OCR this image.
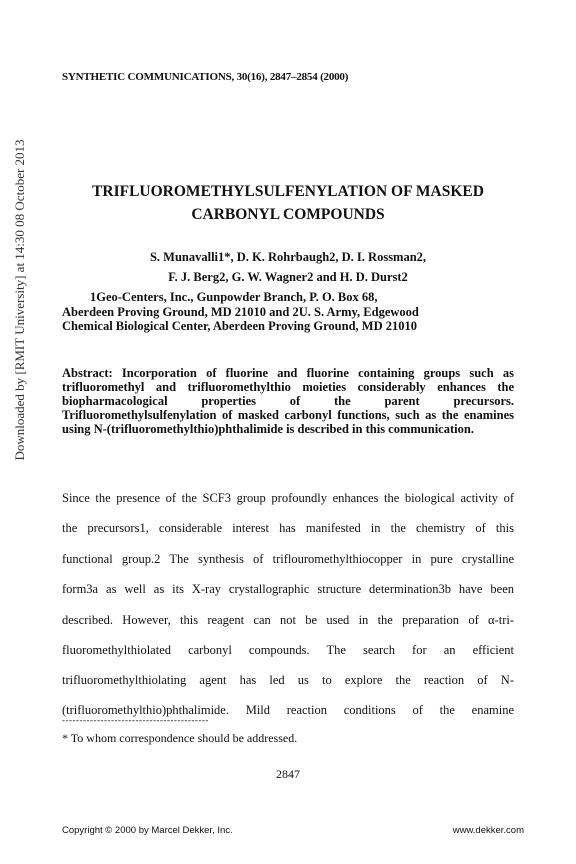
Downloaded by [RMIT University] at 14:30 08 October 2013
SYNTHETIC COMMUNICATIONS, 30(16), 2847–2854 (2000)
TRIFLUOROMETHYLSULFENYLATION OF MASKED
CARBONYL COMPOUNDS
S. Munavalli1*, D. K. Rohrbaugh2, D. I. Rossman2,
F. J. Berg2, G. W. Wagner2 and H. D. Durst2
1Geo-Centers, Inc., Gunpowder Branch, P. O. Box 68,
Aberdeen Proving Ground, MD 21010 and 2U. S. Army, Edgewood
Chemical Biological Center, Aberdeen Proving Ground, MD 21010
Abstract: Incorporation of fluorine and fluorine containing groups such as trifluoromethyl and trifluoromethylthio moieties considerably enhances the biopharmacological properties of the parent precursors. Trifluoromethylsulfenylation of masked carbonyl functions, such as the enamines using N-(trifluoromethylthio)phthalimide is described in this communication.
Since the presence of the SCF3 group profoundly enhances the biological activity of
the precursors1, considerable interest has manifested in the chemistry of this
functional group.2 The synthesis of triflouromethylthiocopper in pure crystalline
form3a as well as its X-ray crystallographic structure determination3b have been
described. However, this reagent can not be used in the preparation of α-tri-
fluoromethylthiolated carbonyl compounds. The search for an efficient
trifluoromethylthiolating agent has led us to explore the reaction of N-
(trifluoromethylthio)phthalimide. Mild reaction conditions of the enamine
------------------------------------------
* To whom correspondence should be addressed.
2847
Copyright © 2000 by Marcel Dekker, Inc.	www.dekker.com
